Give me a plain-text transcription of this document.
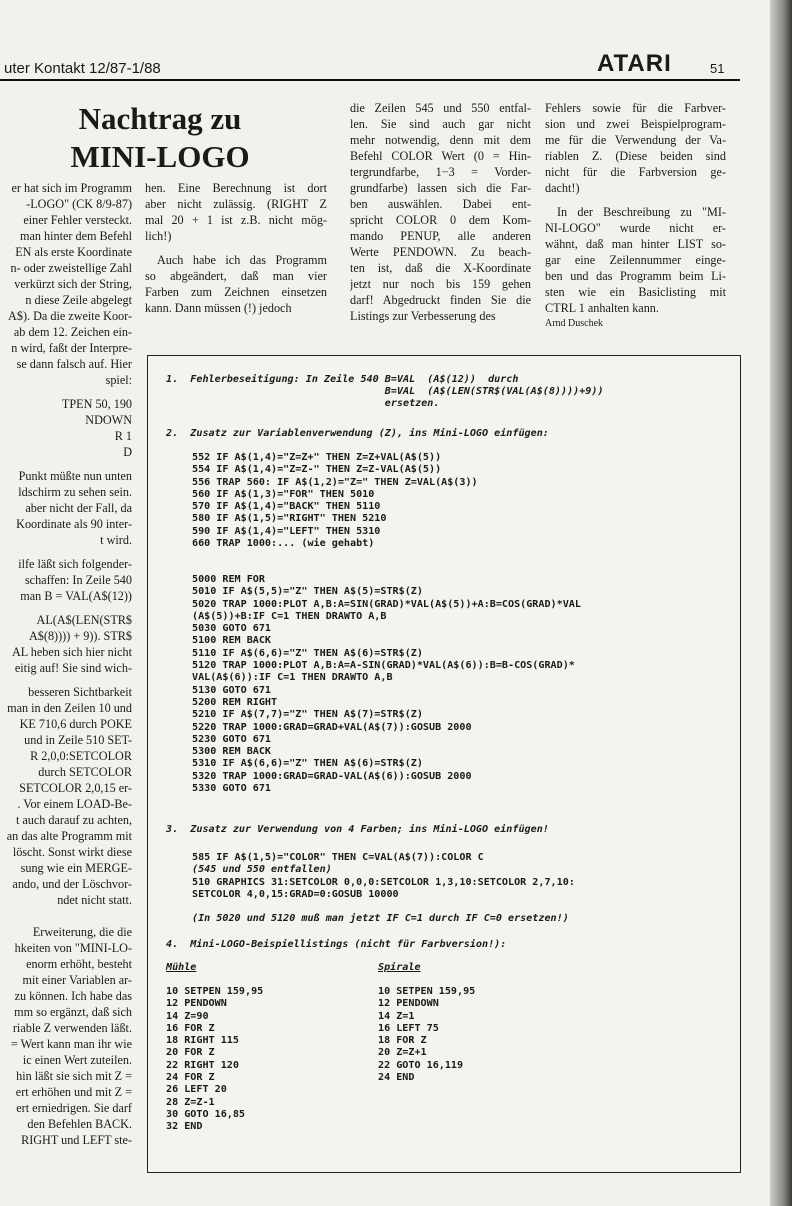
uter Kontakt 12/87-1/88	ATARI	51
Nachtrag zu
MINI-LOGO
er hat sich im Programm
-LOGO" (CK 8/9-87)
einer Fehler versteckt.
man hinter dem Befehl
EN als erste Koordinate
n- oder zweistellige Zahl
verkürzt sich der String,
n diese Zeile abgelegt
A$). Da die zweite Koor-
ab dem 12. Zeichen ein-
n wird, faßt der Interpre-
se dann falsch auf. Hier
spiel:
TPEN 50, 190
NDOWN
R 1
D
Punkt müßte nun unten
ldschirm zu sehen sein.
aber nicht der Fall, da
Koordinate als 90 inter-
t wird.
ilfe läßt sich folgender-
schaffen: In Zeile 540
man B = VAL(A$(12))
AL(A$(LEN(STR$
A$(8)))) + 9)). STR$
AL heben sich hier nicht
eitig auf! Sie sind wich-
besseren Sichtbarkeit
man in den Zeilen 10 und
KE 710,6 durch POKE
und in Zeile 510 SET-
R 2,0,0:SETCOLOR
durch SETCOLOR
SETCOLOR 2,0,15 er-
. Vor einem LOAD-Be-
t auch darauf zu achten,
an das alte Programm mit
löscht. Sonst wirkt diese
sung wie ein MERGE-
ando, und der Löschvor-
ndet nicht statt.
Erweiterung, die die
hkeiten von "MINI-LO-
enorm erhöht, besteht
mit einer Variablen ar-
zu können. Ich habe das
mm so ergänzt, daß sich
riable Z verwenden läßt.
= Wert kann man ihr wie
ic einen Wert zuteilen.
hin läßt sie sich mit Z =
ert erhöhen und mit Z =
ert erniedrigen. Sie darf
den Befehlen BACK.
RIGHT und LEFT ste-
hen. Eine Berechnung ist dort
aber nicht zulässig. (RIGHT Z
mal 20 + 1 ist z.B. nicht mög-
lich!)
Auch habe ich das Programm
so abgeändert, daß man vier
Farben zum Zeichnen einsetzen
kann. Dann müssen (!) jedoch
die Zeilen 545 und 550 entfal-
len. Sie sind auch gar nicht
mehr notwendig, denn mit dem
Befehl COLOR Wert (0 = Hin-
tergrundfarbe, 1−3 = Vorder-
grundfarbe) lassen sich die Far-
ben auswählen. Dabei ent-
spricht COLOR 0 dem Kom-
mando PENUP, alle anderen
Werte PENDOWN. Zu beach-
ten ist, daß die X-Koordinate
jetzt nur noch bis 159 gehen
darf! Abgedruckt finden Sie die
Listings zur Verbesserung des
Fehlers sowie für die Farbver-
sion und zwei Beispielprogram-
me für die Verwendung der Va-
riablen Z. (Diese beiden sind
nicht für die Farbversion ge-
dacht!)
In der Beschreibung zu "MI-
NI-LOGO" wurde nicht er-
wähnt, daß man hinter LIST so-
gar eine Zeilennummer einge-
ben und das Programm beim Li-
sten wie ein Basiclisting mit
CTRL 1 anhalten kann.
Arnd Duschek
1.  Fehlerbeseitigung: In Zeile 540 B=VAL  (A$(12))  durch
B=VAL  (A$(LEN(STR$(VAL(A$(8))))+9))
ersetzen.
2.  Zusatz zur Variablenverwendung (Z), ins Mini-LOGO einfügen:
552 IF A$(1,4)="Z=Z+" THEN Z=Z+VAL(A$(5))
554 IF A$(1,4)="Z=Z-" THEN Z=Z-VAL(A$(5))
556 TRAP 560: IF A$(1,2)="Z=" THEN Z=VAL(A$(3))
560 IF A$(1,3)="FOR" THEN 5010
570 IF A$(1,4)="BACK" THEN 5110
580 IF A$(1,5)="RIGHT" THEN 5210
590 IF A$(1,4)="LEFT" THEN 5310
660 TRAP 1000:... (wie gehabt)
5000 REM FOR
5010 IF A$(5,5)="Z" THEN A$(5)=STR$(Z)
5020 TRAP 1000:PLOT A,B:A=SIN(GRAD)*VAL(A$(5))+A:B=COS(GRAD)*VAL
(A$(5))+B:IF C=1 THEN DRAWTO A,B
5030 GOTO 671
5100 REM BACK
5110 IF A$(6,6)="Z" THEN A$(6)=STR$(Z)
5120 TRAP 1000:PLOT A,B:A=A-SIN(GRAD)*VAL(A$(6)):B=B-COS(GRAD)*
VAL(A$(6)):IF C=1 THEN DRAWTO A,B
5130 GOTO 671
5200 REM RIGHT
5210 IF A$(7,7)="Z" THEN A$(7)=STR$(Z)
5220 TRAP 1000:GRAD=GRAD+VAL(A$(7)):GOSUB 2000
5230 GOTO 671
5300 REM BACK
5310 IF A$(6,6)="Z" THEN A$(6)=STR$(Z)
5320 TRAP 1000:GRAD=GRAD-VAL(A$(6)):GOSUB 2000
5330 GOTO 671
3.  Zusatz zur Verwendung von 4 Farben; ins Mini-LOGO einfügen!
585 IF A$(1,5)="COLOR" THEN C=VAL(A$(7)):COLOR C
(545 und 550 entfallen)
510 GRAPHICS 31:SETCOLOR 0,0,0:SETCOLOR 1,3,10:SETCOLOR 2,7,10:
SETCOLOR 4,0,15:GRAD=0:GOSUB 10000
(In 5020 und 5120 muß man jetzt IF C=1 durch IF C=0 ersetzen!)
4.  Mini-LOGO-Beispiellistings (nicht für Farbversion!):
Mühle	Spirale
10 SETPEN 159,95
12 PENDOWN
14 Z=90
16 FOR Z
18 RIGHT 115
20 FOR Z
22 RIGHT 120
24 FOR Z
26 LEFT 20
28 Z=Z-1
30 GOTO 16,85
32 END
10 SETPEN 159,95
12 PENDOWN
14 Z=1
16 LEFT 75
18 FOR Z
20 Z=Z+1
22 GOTO 16,119
24 END
